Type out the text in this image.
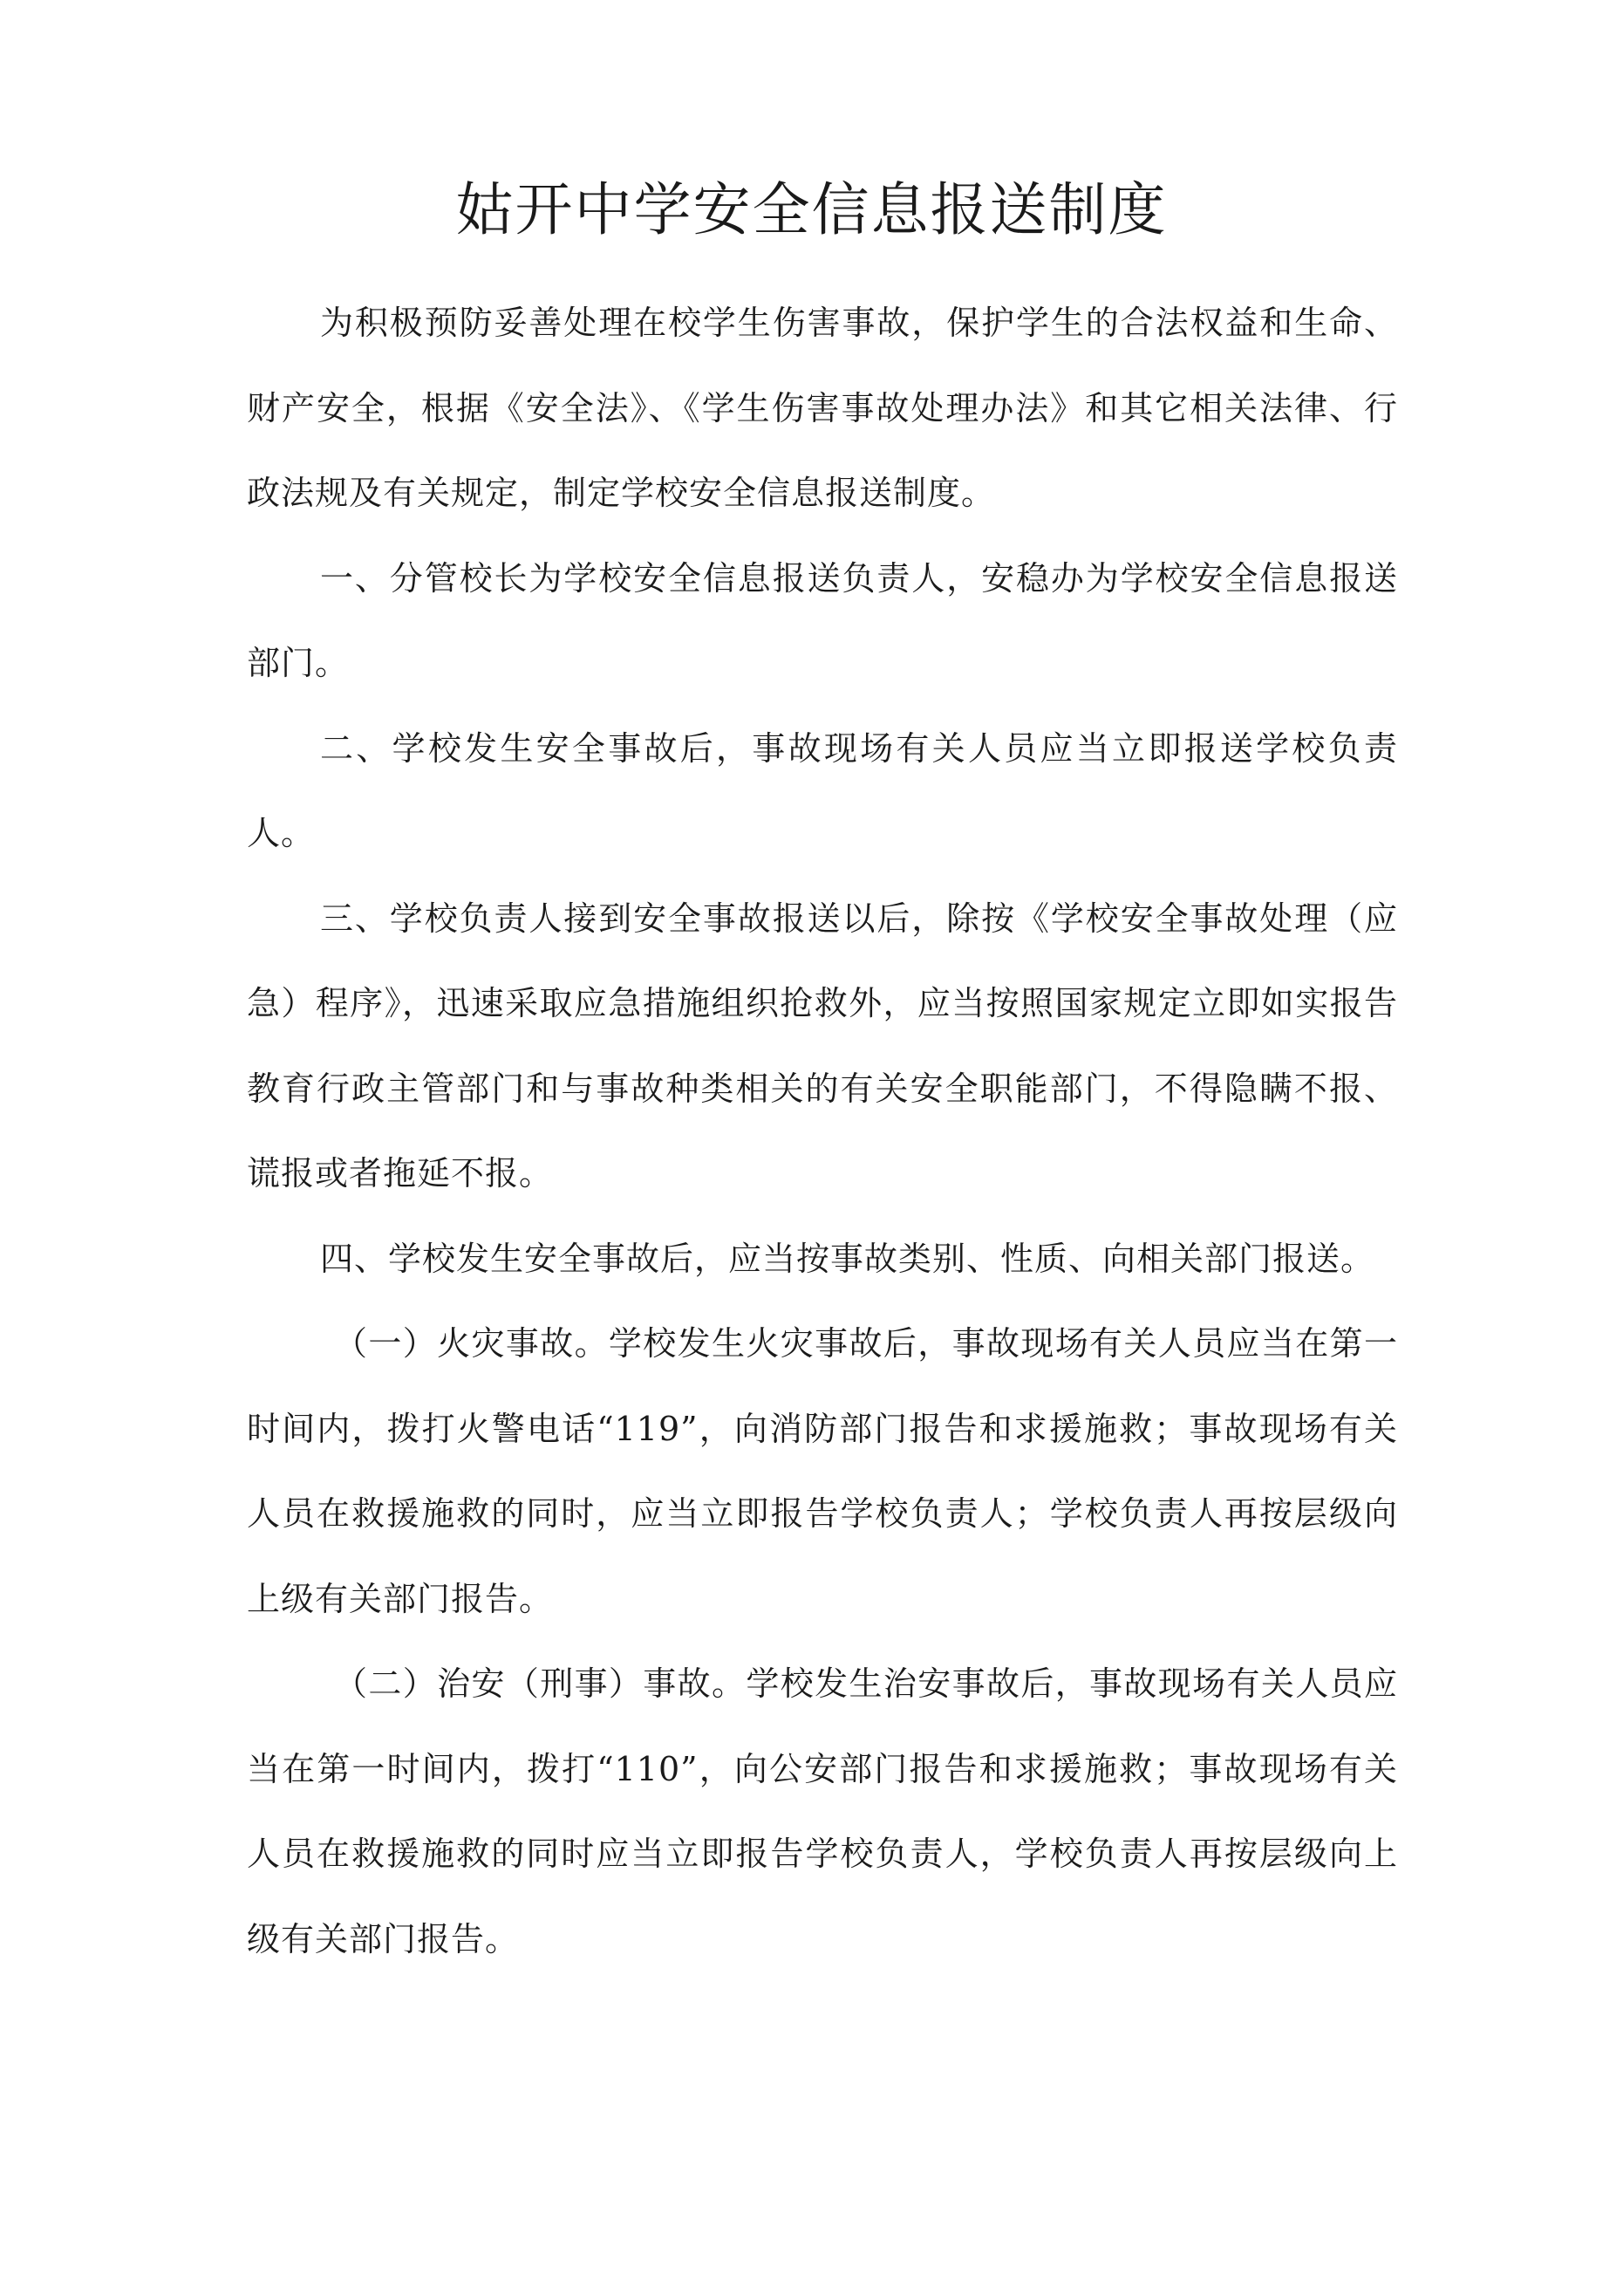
姑开中学安全信息报送制度

为积极预防妥善处理在校学生伤害事故，保护学生的合法权益和生命、财产安全，根据《安全法》、《学生伤害事故处理办法》和其它相关法律、行政法规及有关规定，制定学校安全信息报送制度。

一、分管校长为学校安全信息报送负责人，安稳办为学校安全信息报送部门。

二、学校发生安全事故后，事故现场有关人员应当立即报送学校负责人。

三、学校负责人接到安全事故报送以后，除按《学校安全事故处理（应急）程序》，迅速采取应急措施组织抢救外，应当按照国家规定立即如实报告教育行政主管部门和与事故种类相关的有关安全职能部门，不得隐瞒不报、谎报或者拖延不报。

四、学校发生安全事故后，应当按事故类别、性质、向相关部门报送。

（一）火灾事故。学校发生火灾事故后，事故现场有关人员应当在第一时间内，拨打火警电话“119”，向消防部门报告和求援施救；事故现场有关人员在救援施救的同时，应当立即报告学校负责人；学校负责人再按层级向上级有关部门报告。

（二）治安（刑事）事故。学校发生治安事故后，事故现场有关人员应当在第一时间内，拨打“110”，向公安部门报告和求援施救；事故现场有关人员在救援施救的同时应当立即报告学校负责人，学校负责人再按层级向上级有关部门报告。
